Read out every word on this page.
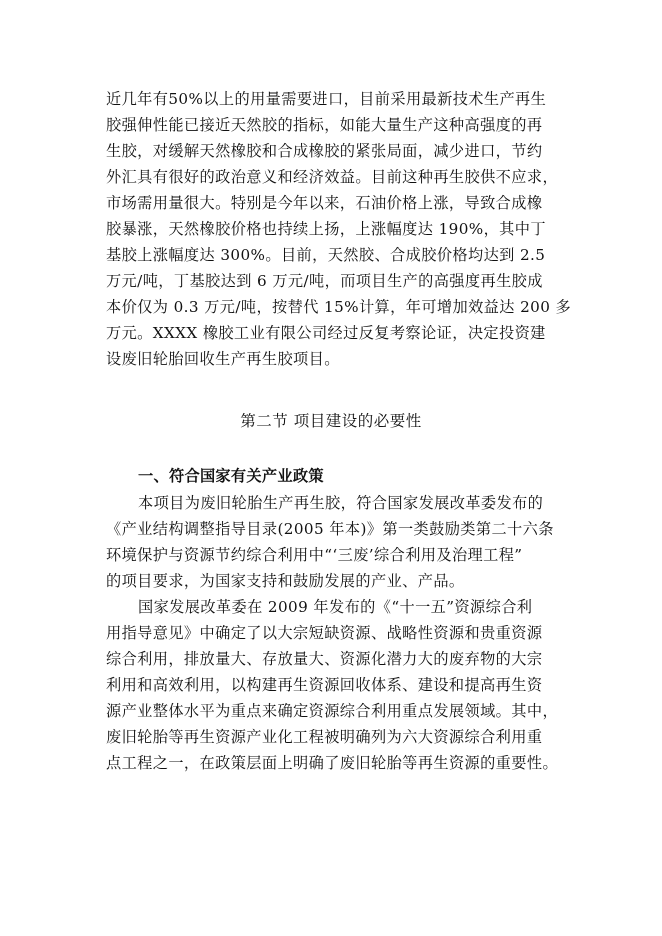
近几年有50%以上的用量需要进口，目前采用最新技术生产再生
胶强伸性能已接近天然胶的指标，如能大量生产这种高强度的再
生胶，对缓解天然橡胶和合成橡胶的紧张局面，减少进口，节约
外汇具有很好的政治意义和经济效益。目前这种再生胶供不应求，
市场需用量很大。特别是今年以来，石油价格上涨，导致合成橡
胶暴涨，天然橡胶价格也持续上扬，上涨幅度达 190%，其中丁
基胶上涨幅度达 300%。目前，天然胶、合成胶价格均达到 2.5
万元/吨，丁基胶达到 6 万元/吨，而项目生产的高强度再生胶成
本价仅为 0.3 万元/吨，按替代 15%计算，年可增加效益达 200 多
万元。XXXX 橡胶工业有限公司经过反复考察论证，决定投资建
设废旧轮胎回收生产再生胶项目。
第二节 项目建设的必要性
一、符合国家有关产业政策
本项目为废旧轮胎生产再生胶，符合国家发展改革委发布的
《产业结构调整指导目录(2005 年本)》第一类鼓励类第二十六条
环境保护与资源节约综合利用中“‘三废’综合利用及治理工程”
的项目要求，为国家支持和鼓励发展的产业、产品。
国家发展改革委在 2009 年发布的《“十一五”资源综合利
用指导意见》中确定了以大宗短缺资源、战略性资源和贵重资源
综合利用，排放量大、存放量大、资源化潜力大的废弃物的大宗
利用和高效利用，以构建再生资源回收体系、建设和提高再生资
源产业整体水平为重点来确定资源综合利用重点发展领域。其中，
废旧轮胎等再生资源产业化工程被明确列为六大资源综合利用重
点工程之一，在政策层面上明确了废旧轮胎等再生资源的重要性。
